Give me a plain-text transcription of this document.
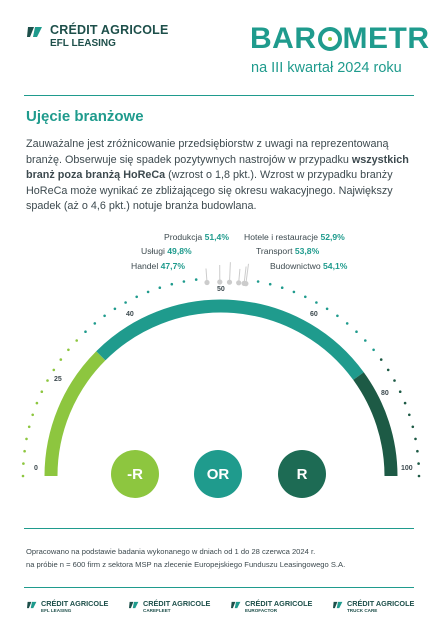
CRÉDIT AGRICOLE
EFL LEASING	BAR METR
na III kwartał 2024 roku
Ujęcie branżowe
Zauważalne jest zróżnicowanie przedsiębiorstw z uwagi na reprezentowaną branżę. Obserwuje się spadek pozytywnych nastrojów w przypadku wszystkich branż poza branżą HoReCa (wzrost o 1,8 pkt.). Wzrost w przypadku branży HoReCa może wynikać ze zbliżającego się okresu wakacyjnego. Największy spadek (aż o 4,6 pkt.) notuje branża budowlana.
Produkcja 51,4%
Usługi 49,8%
Handel 47,7%
Hotele i restauracje 52,9%
Transport 53,8%
Budownictwo 54,1%
0
25
40
50
60
80
100
-R	OR	R
Opracowano na podstawie badania wykonanego w dniach od 1 do 28 czerwca 2024 r.
na próbie n = 600 firm z sektora MSP na zlecenie Europejskiego Funduszu Leasingowego S.A.
CRÉDIT AGRICOLE
EFL LEASING
CRÉDIT AGRICOLE
CAREFLEET
CRÉDIT AGRICOLE
EUROFACTOR
CRÉDIT AGRICOLE
TRUCK CARE
